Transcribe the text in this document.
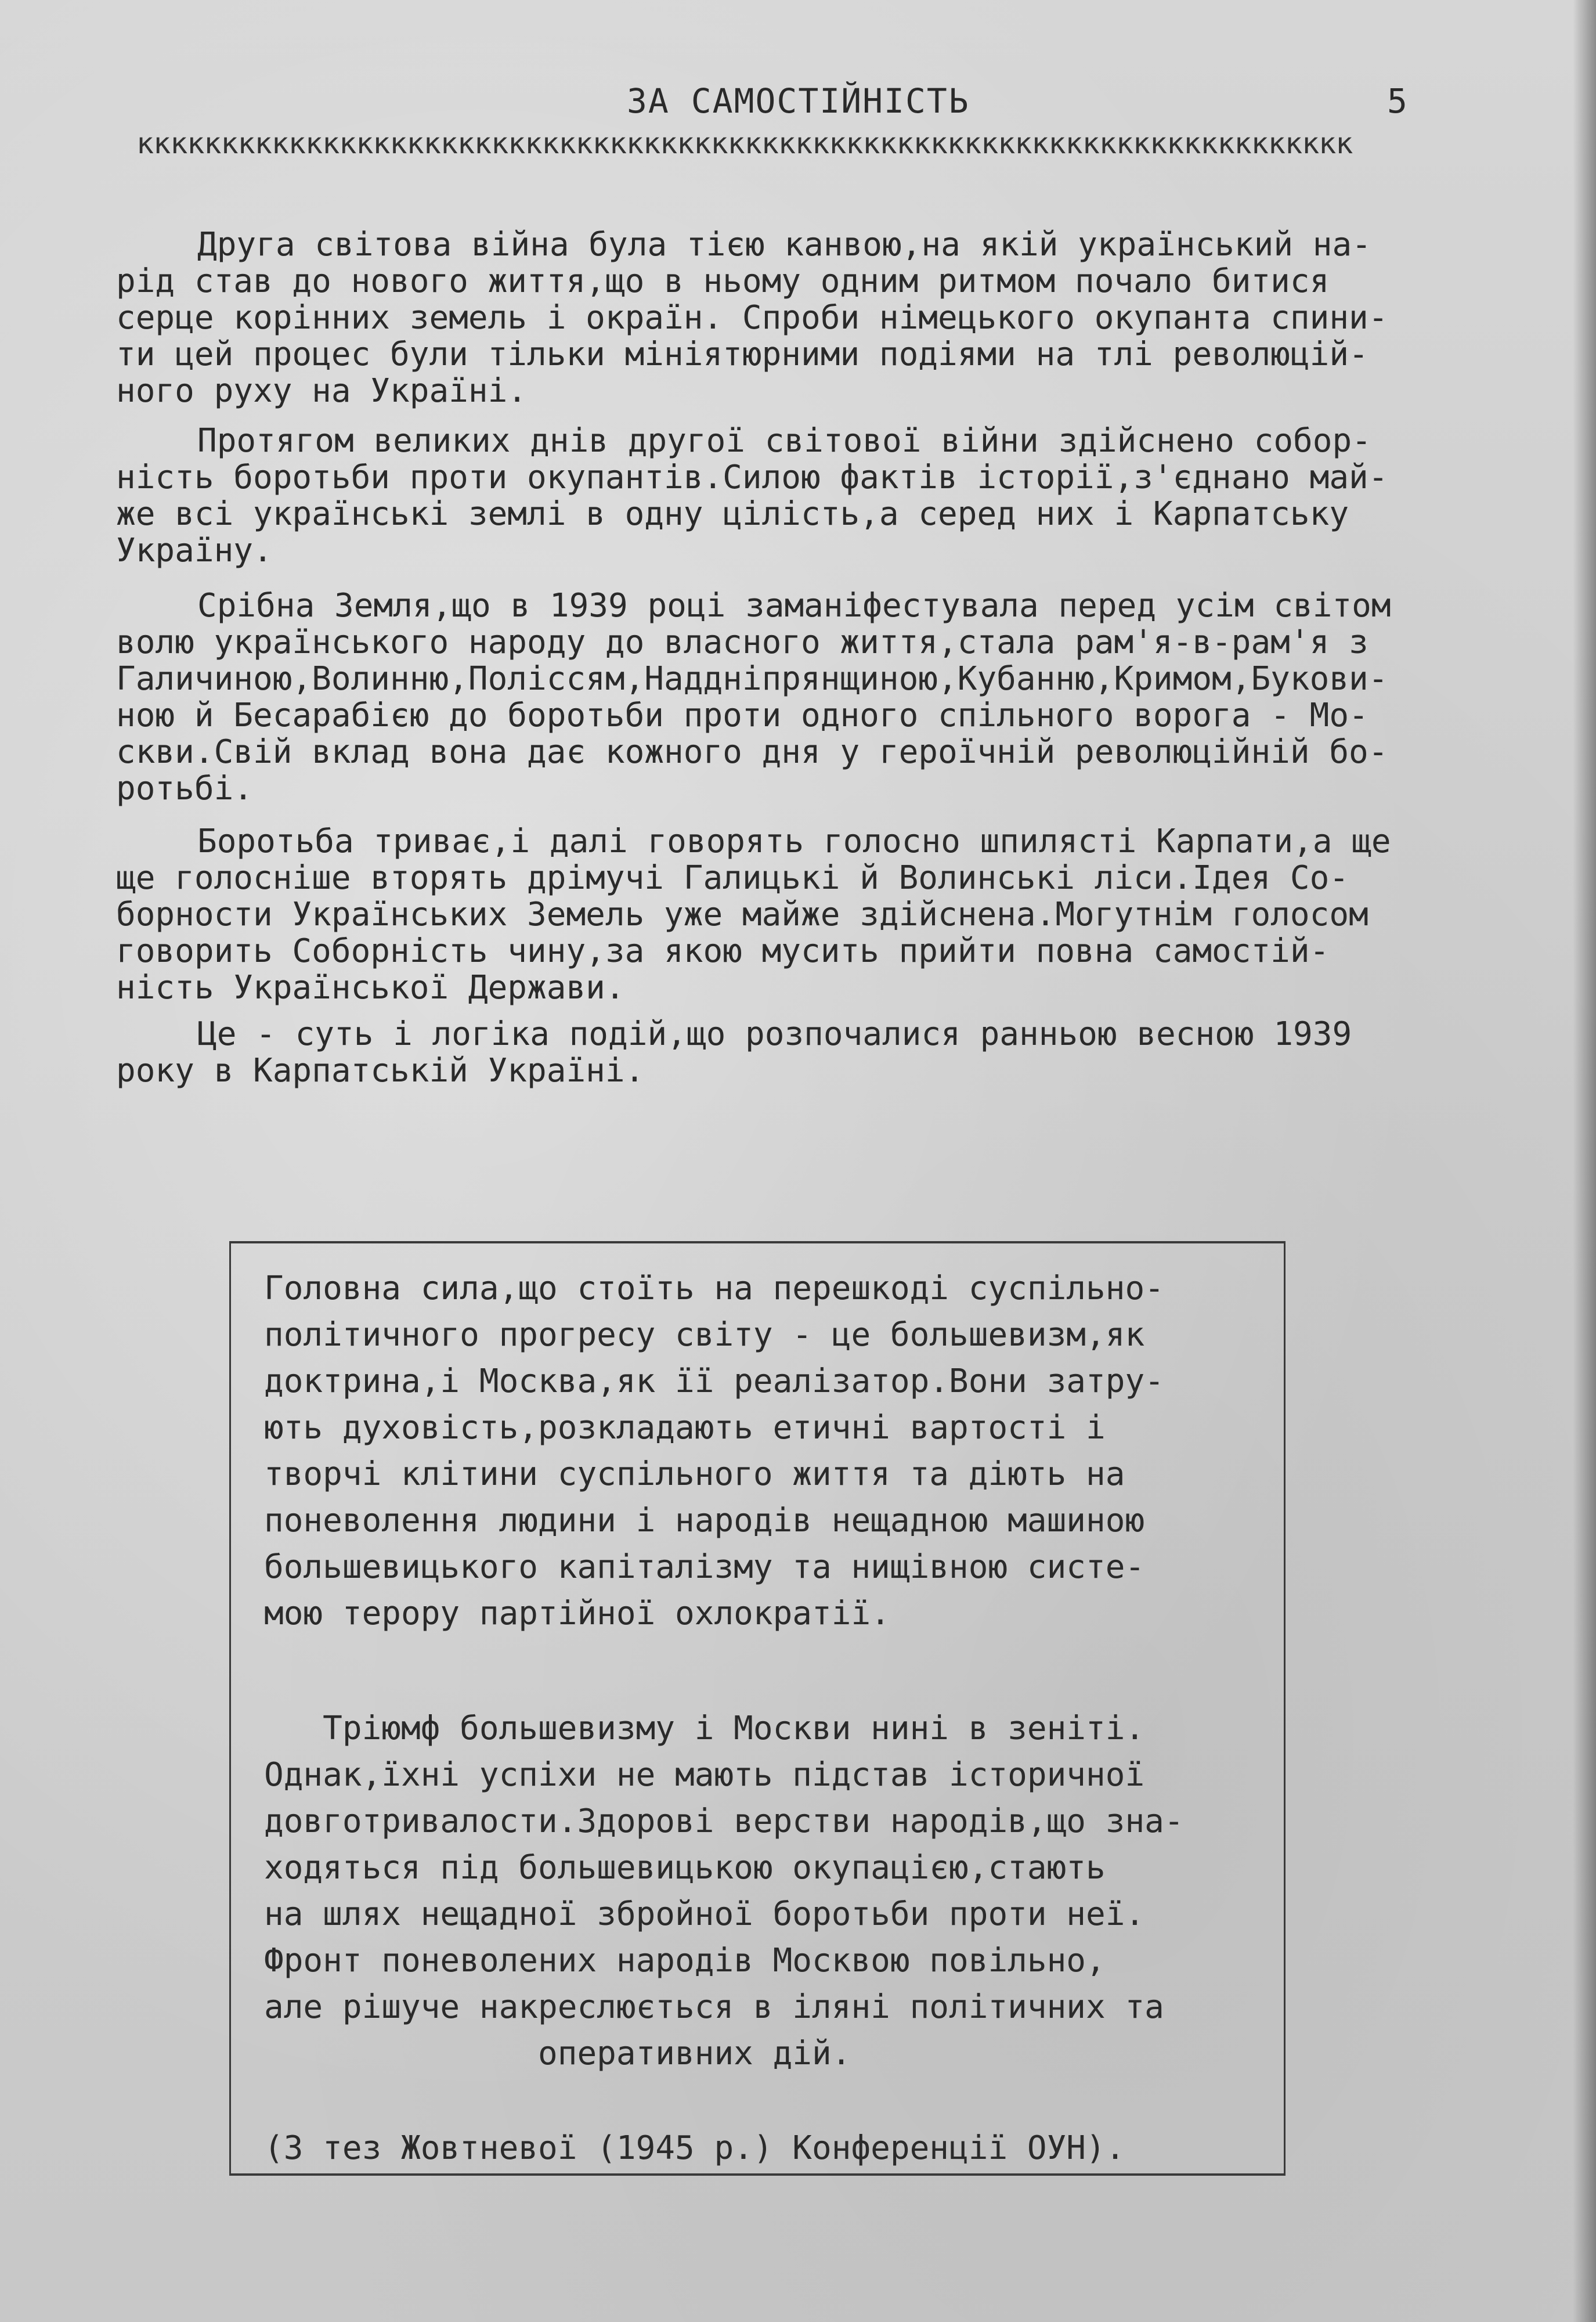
ЗА САМОСТІЙНІСТЬ	5
кккккккккккккккккккккккккккккккккккккккккккккккккккккккккккккккккккккккк
Друга світова війна була тією канвою,на якій український на-
рід став до нового життя,що в ньому одним ритмом почало битися
серце корінних земель і окраїн. Спроби німецького окупанта спини-
ти цей процес були тільки мініятюрними подіями на тлі революцій-
ного руху на Україні.
Протягом великих днів другої світової війни здійснено собор-
ність боротьби проти окупантів.Силою фактів історії,з'єднано май-
же всі українські землі в одну цілість,а серед них і Карпатську
Україну.
Срібна Земля,що в 1939 році заманіфестувала перед усім світом
волю українського народу до власного життя,стала рам'я-в-рам'я з
Галичиною,Волинню,Поліссям,Наддніпрянщиною,Кубанню,Кримом,Букови-
ною й Бесарабією до боротьби проти одного спільного ворога - Мо-
скви.Свій вклад вона дає кожного дня у героїчній революційній бо-
ротьбі.
Боротьба триває,і далі говорять голосно шпилясті Карпати,а ще
ще голосніше вторять дрімучі Галицькі й Волинські ліси.Ідея Со-
борности Українських Земель уже майже здійснена.Могутнім голосом
говорить Соборність чину,за якою мусить прийти повна самостій-
ність Української Держави.
Це - суть і логіка подій,що розпочалися ранньою весною 1939
року в Карпатській Україні.
Головна сила,що стоїть на перешкоді суспільно-
політичного прогресу світу - це большевизм,як
доктрина,і Москва,як її реалізатор.Вони затру-
ють духовість,розкладають етичні вартості і
творчі клітини суспільного життя та діють на
поневолення людини і народів нещадною машиною
большевицького капіталізму та нищівною систе-
мою терору партійної охлократії.
Тріюмф большевизму і Москви нині в зеніті.
Однак,їхні успіхи не мають підстав історичної
довготривалости.Здорові верстви народів,що зна-
ходяться під большевицькою окупацією,стають
на шлях нещадної збройної боротьби проти неї.
Фронт поневолених народів Москвою повільно,
але рішуче накреслюється в іляні політичних та
оперативних дій.
(З тез Жовтневої (1945 р.) Конференції ОУН).
